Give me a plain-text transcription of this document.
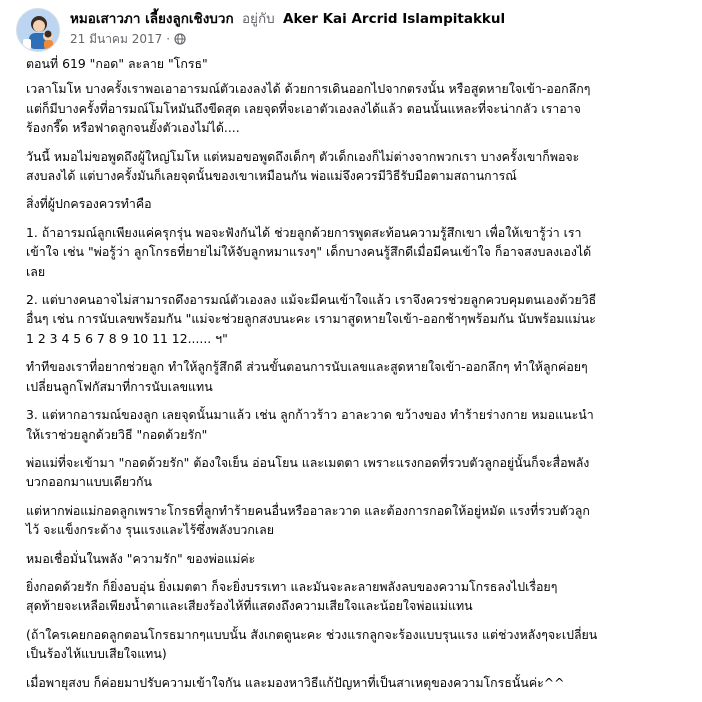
หมอเสาวภา เลี้ยงลูกเชิงบวก อยู่กับ Aker Kai Arcrid Islampitakkul
21 มีนาคม 2017 ·

ตอนที่ 619 "กอด" ละลาย "โกรธ"

เวลาโมโห บางครั้งเราพอเอาอารมณ์ตัวเองลงได้ ด้วยการเดินออกไปจากตรงนั้น หรือสูดหายใจเข้า-ออกลึกๆ
แต่ก็มีบางครั้งที่อารมณ์โมโหมันถึงขีดสุด เลยจุดที่จะเอาตัวเองลงได้แล้ว ตอนนั้นแหละที่จะน่ากลัว เราอาจ
ร้องกรี๊ด หรือฟาดลูกจนยั้งตัวเองไม่ได้....

วันนี้ หมอไม่ขอพูดถึงผู้ใหญ่โมโห แต่หมอขอพูดถึงเด็กๆ ตัวเด็กเองก็ไม่ต่างจากพวกเรา บางครั้งเขาก็พอจะ
สงบลงได้ แต่บางครั้งมันก็เลยจุดนั้นของเขาเหมือนกัน พ่อแม่จึงควรมีวิธีรับมือตามสถานการณ์

สิ่งที่ผู้ปกครองควรทำคือ

1. ถ้าอารมณ์ลูกเพียงแค่ครุกรุ่น พอจะฟังกันได้ ช่วยลูกด้วยการพูดสะท้อนความรู้สึกเขา เพื่อให้เขารู้ว่า เรา
เข้าใจ เช่น "พ่อรู้ว่า ลูกโกรธที่ยายไม่ให้จับลูกหมาแรงๆ" เด็กบางคนรู้สึกดีเมื่อมีคนเข้าใจ ก็อาจสงบลงเองได้
เลย

2. แต่บางคนอาจไม่สามารถดึงอารมณ์ตัวเองลง แม้จะมีคนเข้าใจแล้ว เราจึงควรช่วยลูกควบคุมตนเองด้วยวิธี
อื่นๆ เช่น การนับเลขพร้อมกัน "แม่จะช่วยลูกสงบนะคะ เรามาสูดหายใจเข้า-ออกช้าๆพร้อมกัน นับพร้อมแม่นะ
1 2 3 4 5 6 7 8 9 10 11 12...... ฯ"

ทำทีของเราที่อยากช่วยลูก ทำให้ลูกรู้สึกดี ส่วนขั้นตอนการนับเลขและสูดหายใจเข้า-ออกลึกๆ ทำให้ลูกค่อยๆ
เปลี่ยนลูกโฟกัสมาที่การนับเลขแทน

3. แต่หากอารมณ์ของลูก เลยจุดนั้นมาแล้ว เช่น ลูกก้าวร้าว อาละวาด ขว้างของ ทำร้ายร่างกาย หมอแนะนำ
ให้เราช่วยลูกด้วยวิธี "กอดด้วยรัก"

พ่อแม่ที่จะเข้ามา "กอดด้วยรัก" ต้องใจเย็น อ่อนโยน และเมตตา เพราะแรงกอดที่รวบตัวลูกอยู่นั้นก็จะสื่อพลัง
บวกออกมาแบบเดียวกัน

แต่หากพ่อแม่กอดลูกเพราะโกรธที่ลูกทำร้ายคนอื่นหรืออาละวาด และต้องการกอดให้อยู่หมัด แรงที่รวบตัวลูก
ไว้ จะแข็งกระด้าง รุนแรงและไร้ซึ่งพลังบวกเลย

หมอเชื่อมั่นในพลัง "ความรัก" ของพ่อแม่ค่ะ

ยิ่งกอดด้วยรัก ก็ยิ่งอบอุ่น ยิ่งเมตตา ก็จะยิ่งบรรเทา และมันจะละลายพลังลบของความโกรธลงไปเรื่อยๆ
สุดท้ายจะเหลือเพียงน้ำตาและเสียงร้องไห้ที่แสดงถึงความเสียใจและน้อยใจพ่อแม่แทน

(ถ้าใครเคยกอดลูกตอนโกรธมากๆแบบนั้น สังเกตดูนะคะ ช่วงแรกลูกจะร้องแบบรุนแรง แต่ช่วงหลังๆจะเปลี่ยน
เป็นร้องไห้แบบเสียใจแทน)

เมื่อพายุสงบ ก็ค่อยมาปรับความเข้าใจกัน และมองหาวิธีแก้ปัญหาที่เป็นสาเหตุของความโกรธนั้นค่ะ^^
